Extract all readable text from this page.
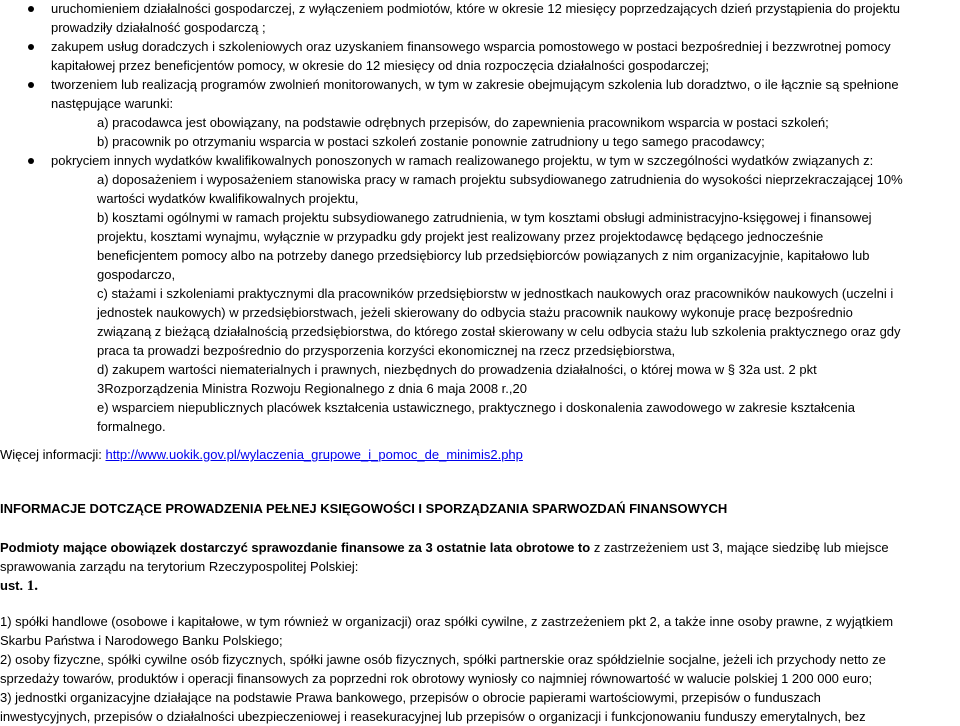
uruchomieniem działalności gospodarczej, z wyłączeniem podmiotów, które w okresie 12 miesięcy poprzedzających dzień przystąpienia do projektu
prowadziły działalność gospodarczą ;
zakupem usług doradczych i szkoleniowych oraz uzyskaniem finansowego wsparcia pomostowego w postaci bezpośredniej i bezzwrotnej pomocy
kapitałowej przez beneficjentów pomocy, w okresie do 12 miesięcy od dnia rozpoczęcia działalności gospodarczej;
tworzeniem lub realizacją programów zwolnień monitorowanych, w tym w zakresie obejmującym szkolenia lub doradztwo, o ile łącznie są spełnione
następujące warunki:
a) pracodawca jest obowiązany, na podstawie odrębnych przepisów, do zapewnienia pracownikom wsparcia w postaci szkoleń;
b) pracownik po otrzymaniu wsparcia w postaci szkoleń zostanie ponownie zatrudniony u tego samego pracodawcy;
pokryciem innych wydatków kwalifikowalnych ponoszonych w ramach realizowanego projektu, w tym w szczególności wydatków związanych z:
a) doposażeniem i wyposażeniem stanowiska pracy w ramach projektu subsydiowanego zatrudnienia do wysokości nieprzekraczającej 10%
wartości wydatków kwalifikowalnych projektu,
b) kosztami ogólnymi w ramach projektu subsydiowanego zatrudnienia, w tym kosztami obsługi administracyjno-księgowej i finansowej
projektu, kosztami wynajmu, wyłącznie w przypadku gdy projekt jest realizowany przez projektodawcę będącego jednocześnie
beneficjentem pomocy albo na potrzeby danego przedsiębiorcy lub przedsiębiorców powiązanych z nim organizacyjnie, kapitałowo lub
gospodarczo,
c) stażami i szkoleniami praktycznymi dla pracowników przedsiębiorstw w jednostkach naukowych oraz pracowników naukowych (uczelni i
jednostek naukowych) w przedsiębiorstwach, jeżeli skierowany do odbycia stażu pracownik naukowy wykonuje pracę bezpośrednio
związaną z bieżącą działalnością przedsiębiorstwa, do którego został skierowany w celu odbycia stażu lub szkolenia praktycznego oraz gdy
praca ta prowadzi bezpośrednio do przysporzenia korzyści ekonomicznej na rzecz przedsiębiorstwa,
d) zakupem wartości niematerialnych i prawnych, niezbędnych do prowadzenia działalności, o której mowa w § 32a ust. 2 pkt
3Rozporządzenia Ministra Rozwoju Regionalnego z dnia 6 maja 2008 r.,20
e) wsparciem niepublicznych placówek kształcenia ustawicznego, praktycznego i doskonalenia zawodowego w zakresie kształcenia
formalnego.
Więcej informacji: http://www.uokik.gov.pl/wylaczenia_grupowe_i_pomoc_de_minimis2.php
INFORMACJE DOTCZĄCE PROWADZENIA PEŁNEJ KSIĘGOWOŚCI I SPORZĄDZANIA SPARWOZDAŃ FINANSOWYCH
Podmioty mające obowiązek dostarczyć sprawozdanie finansowe za 3 ostatnie lata obrotowe to z zastrzeżeniem ust 3, mające siedzibę lub miejsce
sprawowania zarządu na terytorium Rzeczypospolitej Polskiej:
ust. 1.
1) spółki handlowe (osobowe i kapitałowe, w tym również w organizacji) oraz spółki cywilne, z zastrzeżeniem pkt 2, a także inne osoby prawne, z wyjątkiem
Skarbu Państwa i Narodowego Banku Polskiego;
2) osoby fizyczne, spółki cywilne osób fizycznych, spółki jawne osób fizycznych, spółki partnerskie oraz spółdzielnie socjalne, jeżeli ich przychody netto ze
sprzedaży towarów, produktów i operacji finansowych za poprzedni rok obrotowy wyniosły co najmniej równowartość w walucie polskiej 1 200 000 euro;
3) jednostki organizacyjne działające na podstawie Prawa bankowego, przepisów o obrocie papierami wartościowymi, przepisów o funduszach
inwestycyjnych, przepisów o działalności ubezpieczeniowej i reasekuracyjnej lub przepisów o organizacji i funkcjonowaniu funduszy emerytalnych, bez
